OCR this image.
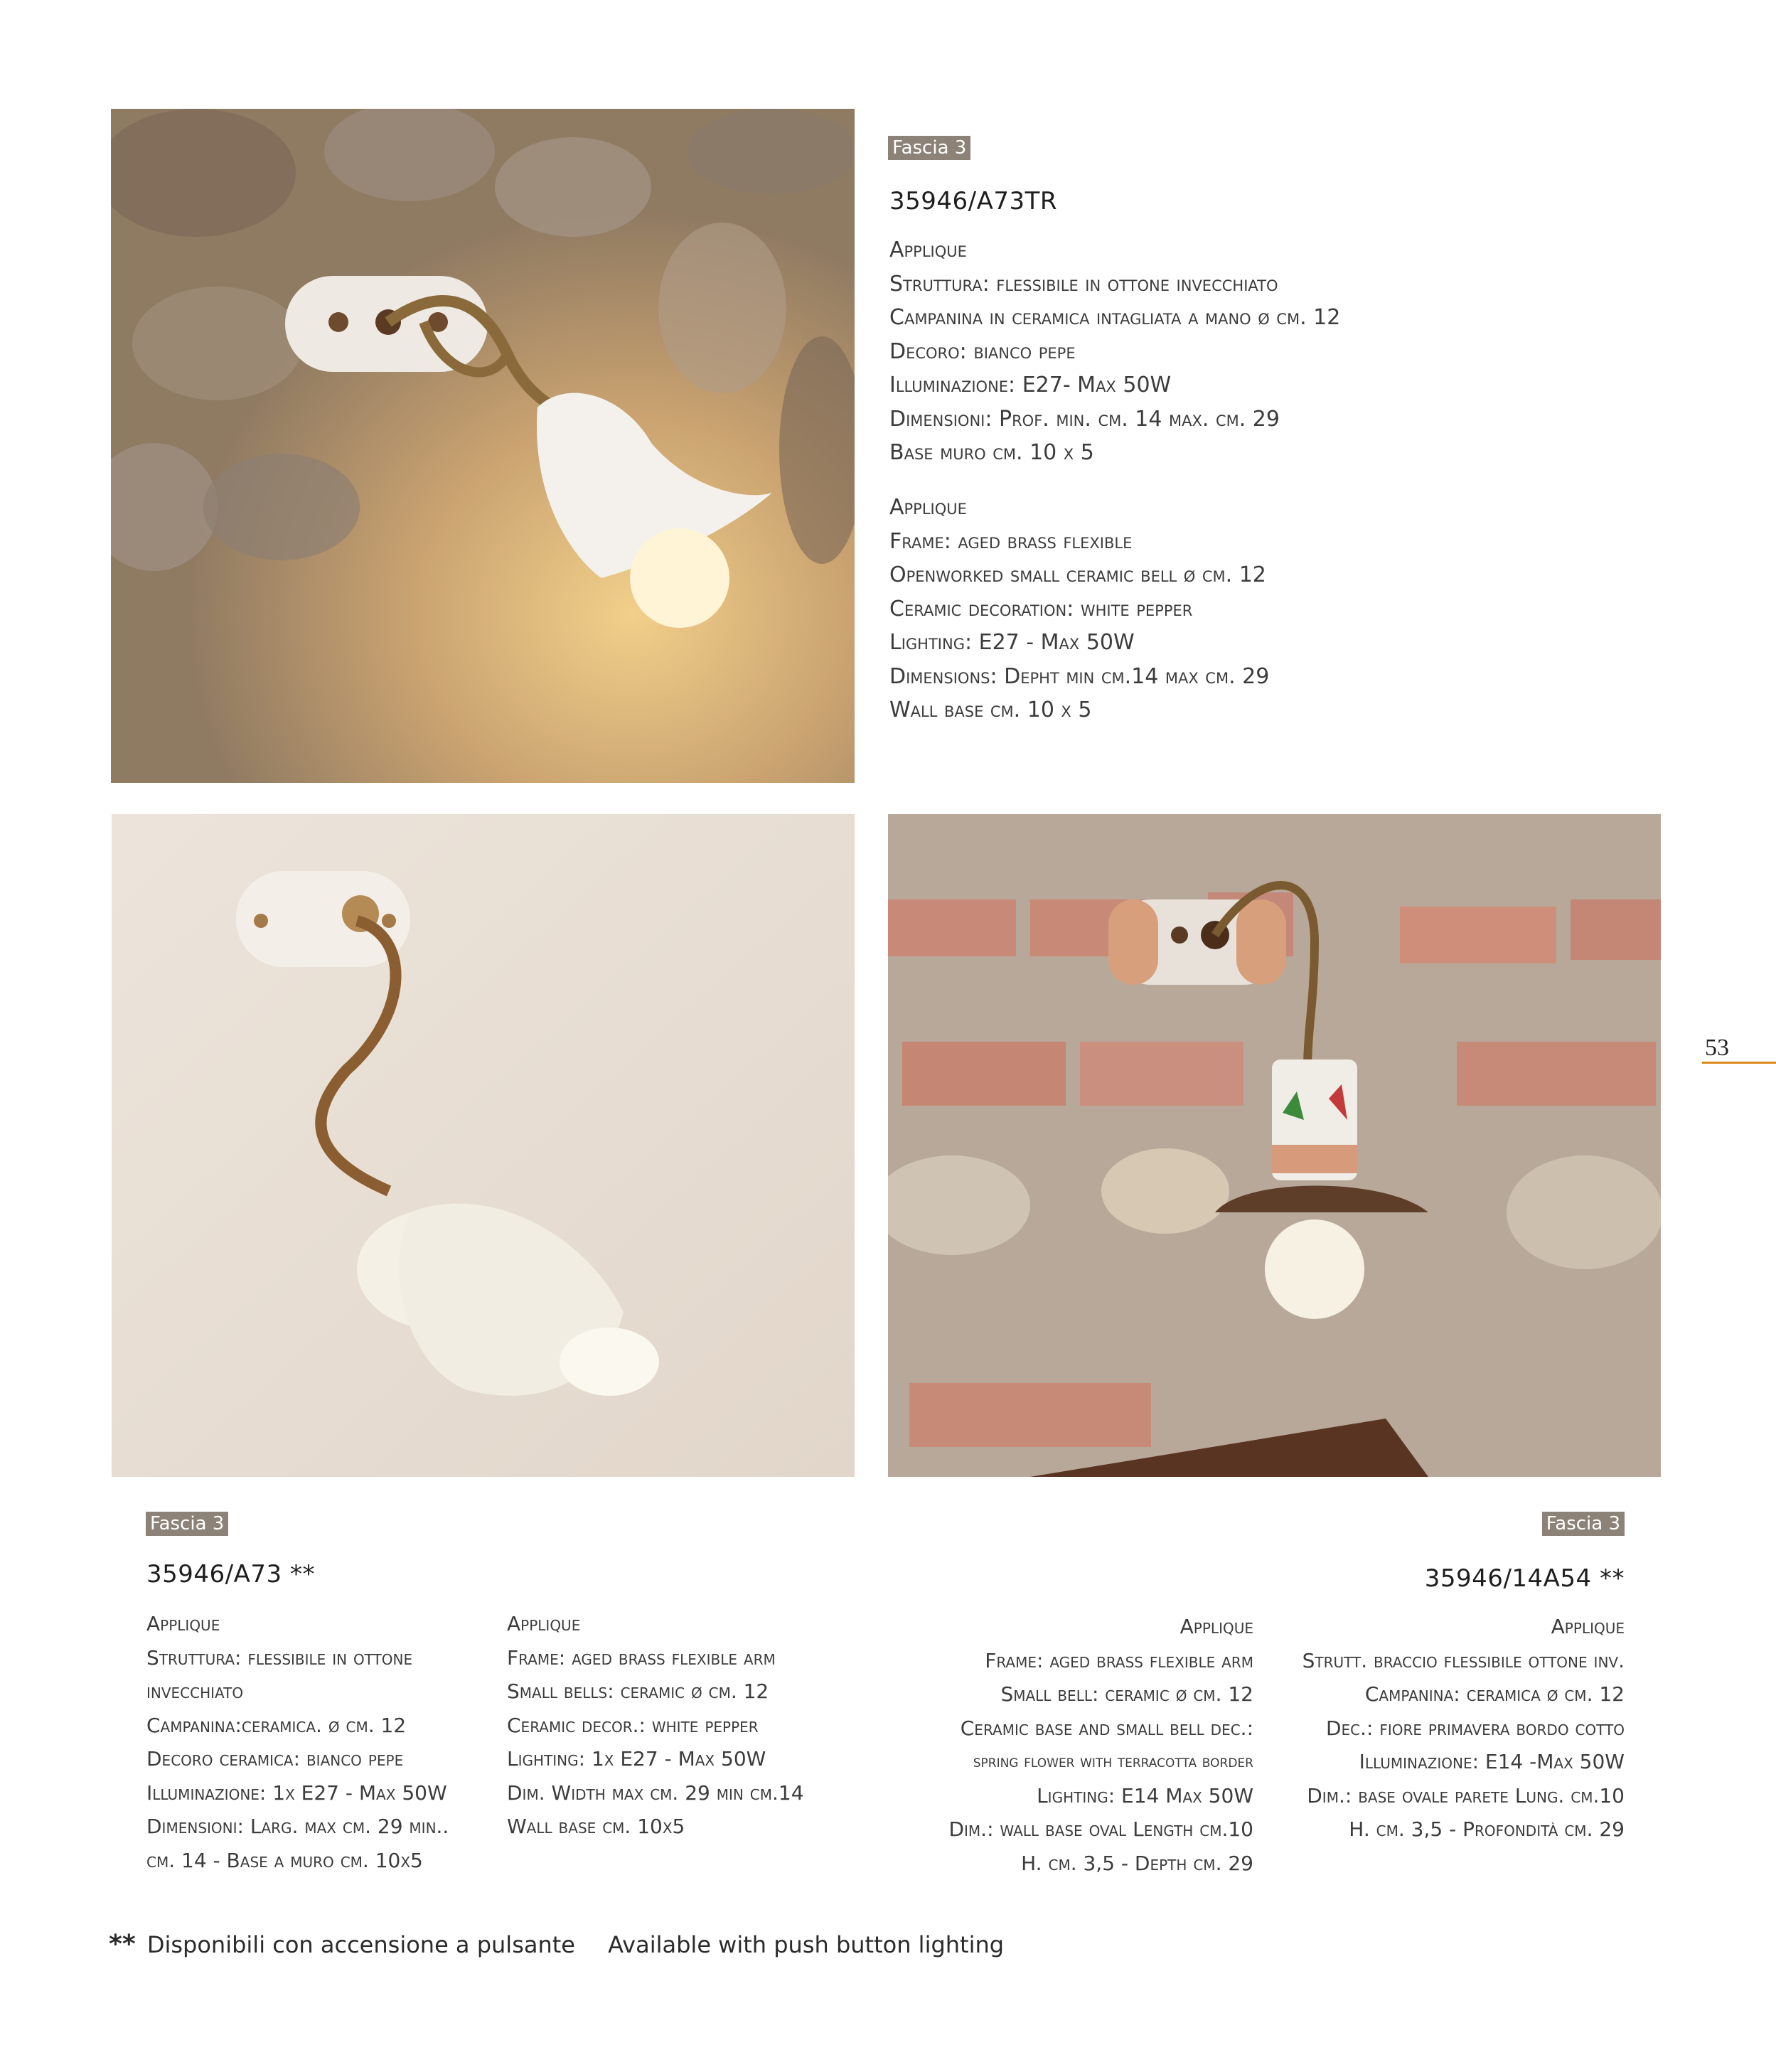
Fascia 3
35946/A73TR
Applique
Struttura: flessibile in ottone invecchiato
Campanina in ceramica intagliata a mano ø cm. 12
Decoro: bianco pepe
Illuminazione: E27- Max 50W
Dimensioni: Prof. min. cm. 14 max. cm. 29
Base muro cm. 10 x 5
Applique
Frame: aged brass flexible
Openworked small ceramic bell ø cm. 12
Ceramic decoration: white pepper
Lighting: E27 - Max 50W
Dimensions: Depht min cm.14 max cm. 29
Wall base cm. 10 x 5
Fascia 3
35946/A73 **
Applique
Struttura: flessibile in ottone
invecchiato
Campanina:ceramica. ø cm. 12
Decoro ceramica: bianco pepe
Illuminazione: 1x E27 - Max 50W
Dimensioni: Larg. max cm. 29 min..
cm. 14 - Base a muro cm. 10x5
Applique
Frame: aged brass flexible arm
Small bells: ceramic ø cm. 12
Ceramic decor.: white pepper
Lighting: 1x E27 - Max 50W
Dim. Width max cm. 29 min cm.14
Wall base cm. 10x5
Fascia 3
35946/14A54 **
Applique
Frame: aged brass flexible arm
Small bell: ceramic ø cm. 12
Ceramic base and small bell dec.:
spring flower with terracotta border
Lighting: E14 Max 50W
Dim.: wall base oval Length cm.10
H. cm. 3,5 - Depth cm. 29
Applique
Strutt. braccio flessibile ottone inv.
Campanina: ceramica ø cm. 12
Dec.: fiore primavera bordo cotto
Illuminazione: E14 -Max 50W
Dim.: base ovale parete Lung. cm.10
H. cm. 3,5 - Profondità cm. 29
53
** Disponibili con accensione a pulsante Available with push button lighting
